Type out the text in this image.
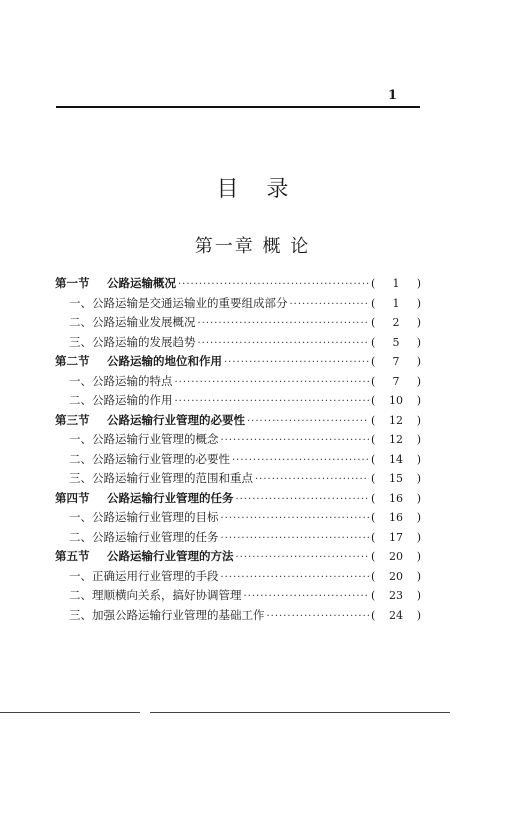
1
目录
第一章 概 论
第一节	公路运输概况 ·····	(	1	)
一、公路运输是交通运输业的重要组成部分 ·····	(	1	)
二、公路运输业发展概况 ·····	(	2	)
三、公路运输的发展趋势 ·····	(	5	)
第二节	公路运输的地位和作用 ·····	(	7	)
一、公路运输的特点 ·····	(	7	)
二、公路运输的作用 ·····	(	10	)
第三节	公路运输行业管理的必要性 ·····	(	12	)
一、公路运输行业管理的概念 ·····	(	12	)
二、公路运输行业管理的必要性 ·····	(	14	)
三、公路运输行业管理的范围和重点 ·····	(	15	)
第四节	公路运输行业管理的任务 ·····	(	16	)
一、公路运输行业管理的目标 ·····	(	16	)
二、公路运输行业管理的任务 ·····	(	17	)
第五节	公路运输行业管理的方法 ·····	(	20	)
一、正确运用行业管理的手段 ·····	(	20	)
二、理顺横向关系，搞好协调管理 ·····	(	23	)
三、加强公路运输行业管理的基础工作 ·····	(	24	)
